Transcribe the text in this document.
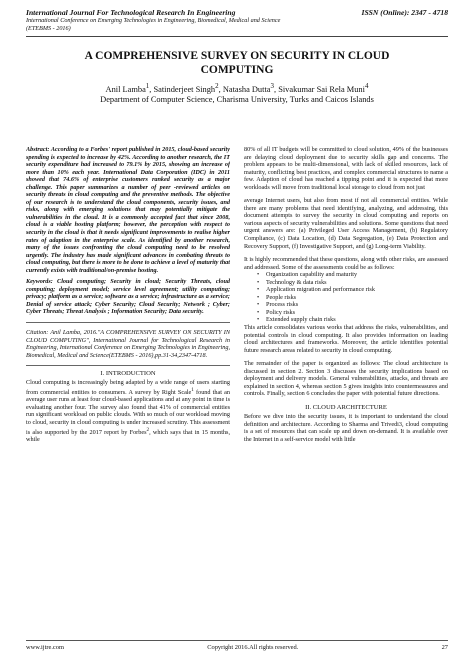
International Journal For Technological Research In Engineering	ISSN (Online): 2347 - 4718
International Conference on Emerging Technologies in Engineering, Biomedical, Medical and Science
(ETEBMS - 2016)
A COMPREHENSIVE SURVEY ON SECURITY IN CLOUD
COMPUTING
Anil Lamba$^1$, Satinderjeet Singh$^2$, Natasha Dutta$^3$, Sivakumar Sai Rela Muni$^4$
Department of Computer Science, Charisma University, Turks and Caicos Islands

Abstract: According to a Forbes' report published in 2015, cloud-based security spending is expected to increase by 42%. According to another research, the IT security expenditure had increased to 79.1% by 2015, showing an increase of more than 10% each year. International Data Corporation (IDC) in 2011 showed that 74.6% of enterprise customers ranked security as a major challenge. This paper summarizes a number of peer -reviewed articles on security threats in cloud computing and the preventive methods. The objective of our research is to understand the cloud components, security issues, and risks, along with emerging solutions that may potentially mitigate the vulnerabilities in the cloud. It is a commonly accepted fact that since 2008, cloud is a viable hosting platform; however, the perception with respect to security in the cloud is that it needs significant improvements to realise higher rates of adaption in the enterprise scale. As identified by another research, many of the issues confronting the cloud computing need to be resolved urgently. The industry has made significant advances in combating threats to cloud computing, but there is more to be done to achieve a level of maturity that currently exists with traditional/on-premise hosting.

Keywords: Cloud computing; Security in cloud; Security Threats, cloud computing; deployment model; service level agreement; utility computing; privacy; platform as a service; software as a service; infrastructure as a service; Denial of service attack; Cyber Security; Cloud Security; Network ; Cyber; Cyber Threats; Threat Analysis ; Information Security; Data security.

Citation: Anil Lamba, 2016."A COMPREHENSIVE SURVEY ON SECURITY IN CLOUD COMPUTING", International Journal for Technological Research in Engineering, International Conference on Emerging Technologies in Engineering, Biomedical, Medical and Science(ETEBMS - 2016),pp.31-34,2347-4718.

I. INTRODUCTION

Cloud computing is increasingly being adapted by a wide range of users starting from commercial entities to consumers. A survey by Right Scale$^1$ found that an average user runs at least four cloud-based applications and at any point in time is evaluating another four. The survey also found that 41% of commercial entities run significant workload on public clouds. With so much of our workload moving to cloud, security in cloud computing is under increased scrutiny. This assessment is also supported by the 2017 report by Forbes$^2$, which says that in 15 months, while

80% of all IT budgets will be committed to cloud solution, 49% of the businesses are delaying cloud deployment due to security skills gap and concerns. The problem appears to be multi-dimensional, with lack of skilled resources, lack of maturity, conflicting best practices, and complex commercial structures to name a few. Adaption of cloud has reached a tipping point and it is expected that more workloads will move from traditional local storage to cloud from not just

average Internet users, but also from most if not all commercial entities. While there are many problems that need identifying, analyzing, and addressing, this document attempts to survey the security in cloud computing and reports on various aspects of security vulnerabilities and solutions. Some questions that need urgent answers are: (a) Privileged User Access Management, (b) Regulatory Compliance, (c) Data Location, (d) Data Segregation, (e) Data Protection and Recovery Support, (f) Investigative Support, and (g) Long-term Viability.

It is highly recommended that these questions, along with other risks, are assessed and addressed. Some of the assessments could be as follows:

• Organization capability and maturity
• Technology & data risks
• Application migration and performance risk
• People risks
• Process risks
• Policy risks
• Extended supply chain risks

This article consolidates various works that address the risks, vulnerabilities, and potential controls in cloud computing. It also provides information on leading cloud architectures and frameworks. Moreover, the article identifies potential future research areas related to security in cloud computing.

The remainder of the paper is organized as follows: The cloud architecture is discussed in section 2. Section 3 discusses the security implications based on deployment and delivery models. General vulnerabilities, attacks, and threats are explained in section 4, whereas section 5 gives insights into countermeasures and controls. Finally, section 6 concludes the paper with potential future directions.

II. CLOUD ARCHITECTURE

Before we dive into the security issues, it is important to understand the cloud definition and architecture. According to Sharma and Trivedi3, cloud computing is a set of resources that can scale up and down on-demand. It is available over the Internet in a self-service model with little

www.ijtre.com	Copyright 2016.All rights reserved.	27
